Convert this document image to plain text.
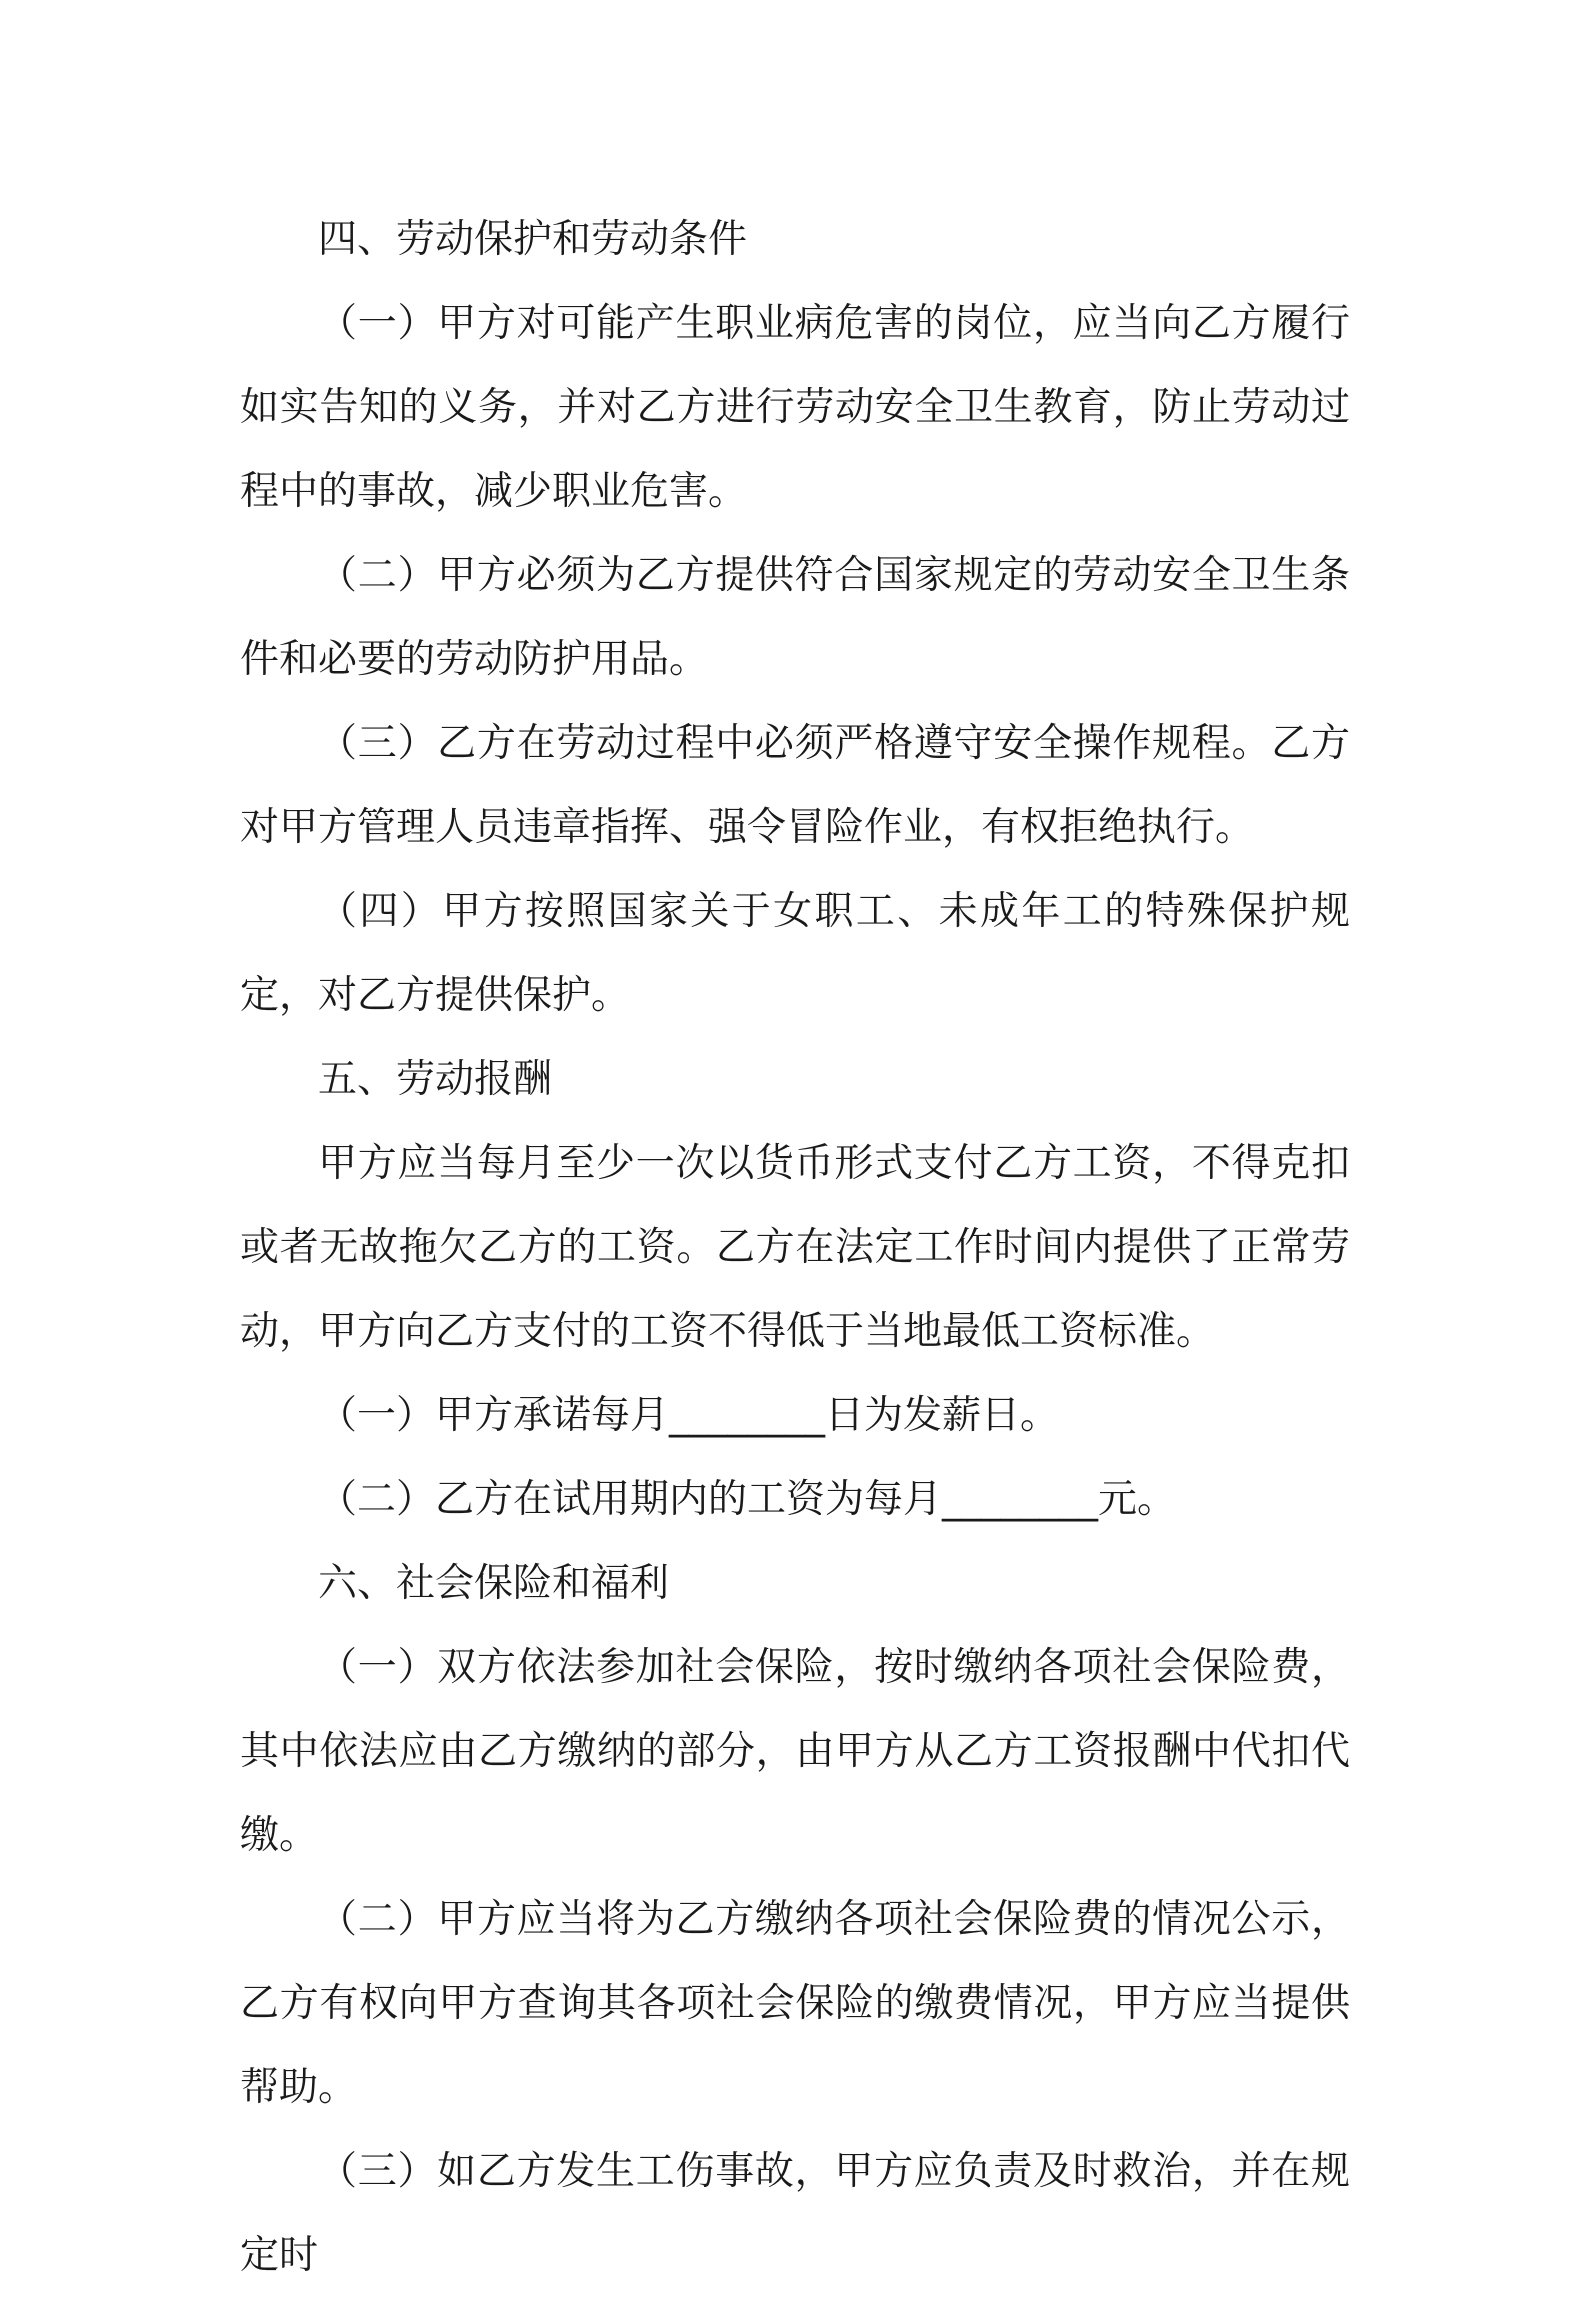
四、劳动保护和劳动条件

（一）甲方对可能产生职业病危害的岗位，应当向乙方履行如实告知的义务，并对乙方进行劳动安全卫生教育，防止劳动过程中的事故，减少职业危害。

（二）甲方必须为乙方提供符合国家规定的劳动安全卫生条件和必要的劳动防护用品。

（三）乙方在劳动过程中必须严格遵守安全操作规程。乙方对甲方管理人员违章指挥、强令冒险作业，有权拒绝执行。

（四）甲方按照国家关于女职工、未成年工的特殊保护规定，对乙方提供保护。

五、劳动报酬

甲方应当每月至少一次以货币形式支付乙方工资，不得克扣或者无故拖欠乙方的工资。乙方在法定工作时间内提供了正常劳动，甲方向乙方支付的工资不得低于当地最低工资标准。

（一）甲方承诺每月________日为发薪日。

（二）乙方在试用期内的工资为每月________元。

六、社会保险和福利

（一）双方依法参加社会保险，按时缴纳各项社会保险费，其中依法应由乙方缴纳的部分，由甲方从乙方工资报酬中代扣代缴。

（二）甲方应当将为乙方缴纳各项社会保险费的情况公示，乙方有权向甲方查询其各项社会保险的缴费情况，甲方应当提供帮助。

（三）如乙方发生工伤事故，甲方应负责及时救治，并在规定时
